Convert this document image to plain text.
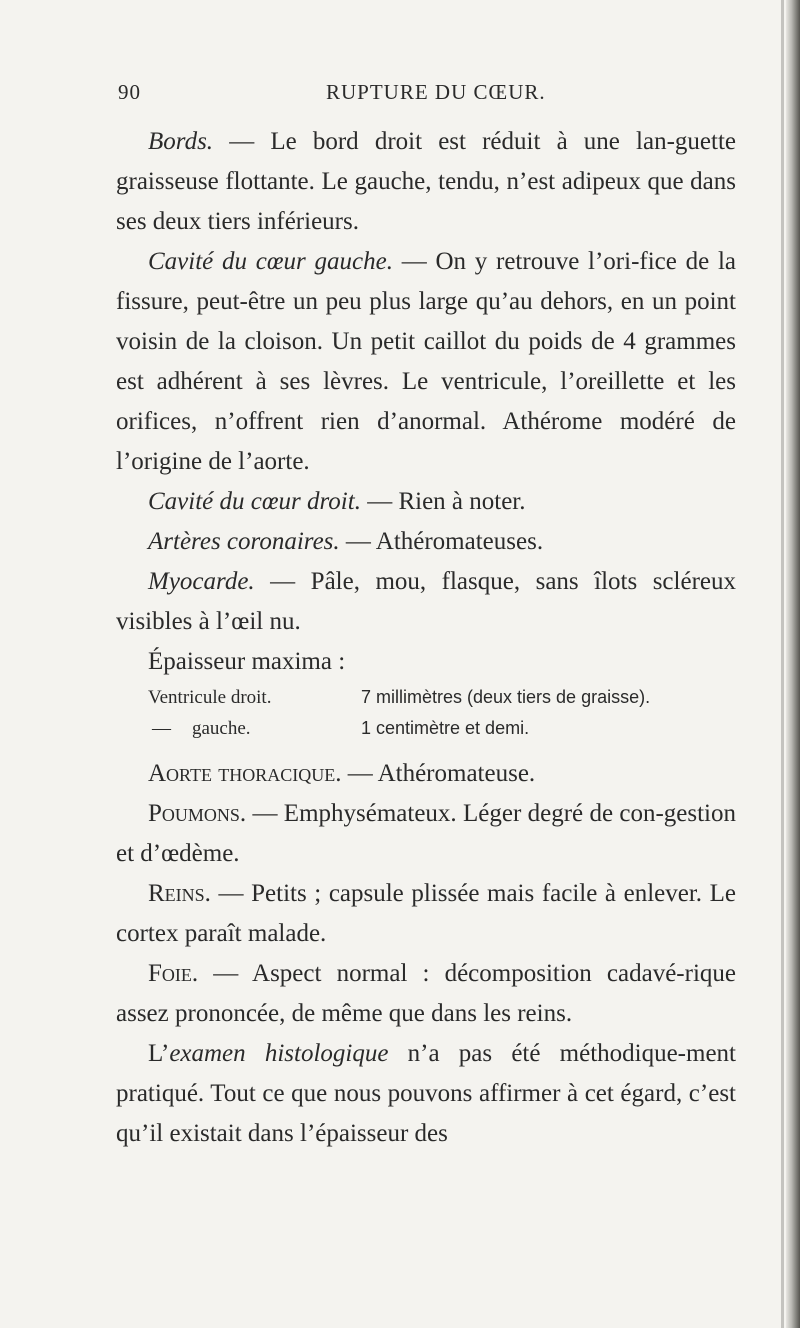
90	RUPTURE DU CŒUR.

Bords. — Le bord droit est réduit à une lan-guette graisseuse flottante. Le gauche, tendu, n’est adipeux que dans ses deux tiers inférieurs.

Cavité du cœur gauche. — On y retrouve l’ori-fice de la fissure, peut-être un peu plus large qu’au dehors, en un point voisin de la cloison. Un petit caillot du poids de 4 grammes est adhérent à ses lèvres. Le ventricule, l’oreillette et les orifices, n’offrent rien d’anormal. Athérome modéré de l’origine de l’aorte.

Cavité du cœur droit. — Rien à noter.

Artères coronaires. — Athéromateuses.

Myocarde. — Pâle, mou, flasque, sans îlots scléreux visibles à l’œil nu.

Épaisseur maxima :

Ventricule droit.	7 millimètres (deux tiers de graisse).
— gauche.	1 centimètre et demi.

Aorte thoracique. — Athéromateuse.

Poumons. — Emphysémateux. Léger degré de con-gestion et d’œdème.

Reins. — Petits ; capsule plissée mais facile à enlever. Le cortex paraît malade.

Foie. — Aspect normal : décomposition cadavé-rique assez prononcée, de même que dans les reins.

L’examen histologique n’a pas été méthodique-ment pratiqué. Tout ce que nous pouvons affirmer à cet égard, c’est qu’il existait dans l’épaisseur des
